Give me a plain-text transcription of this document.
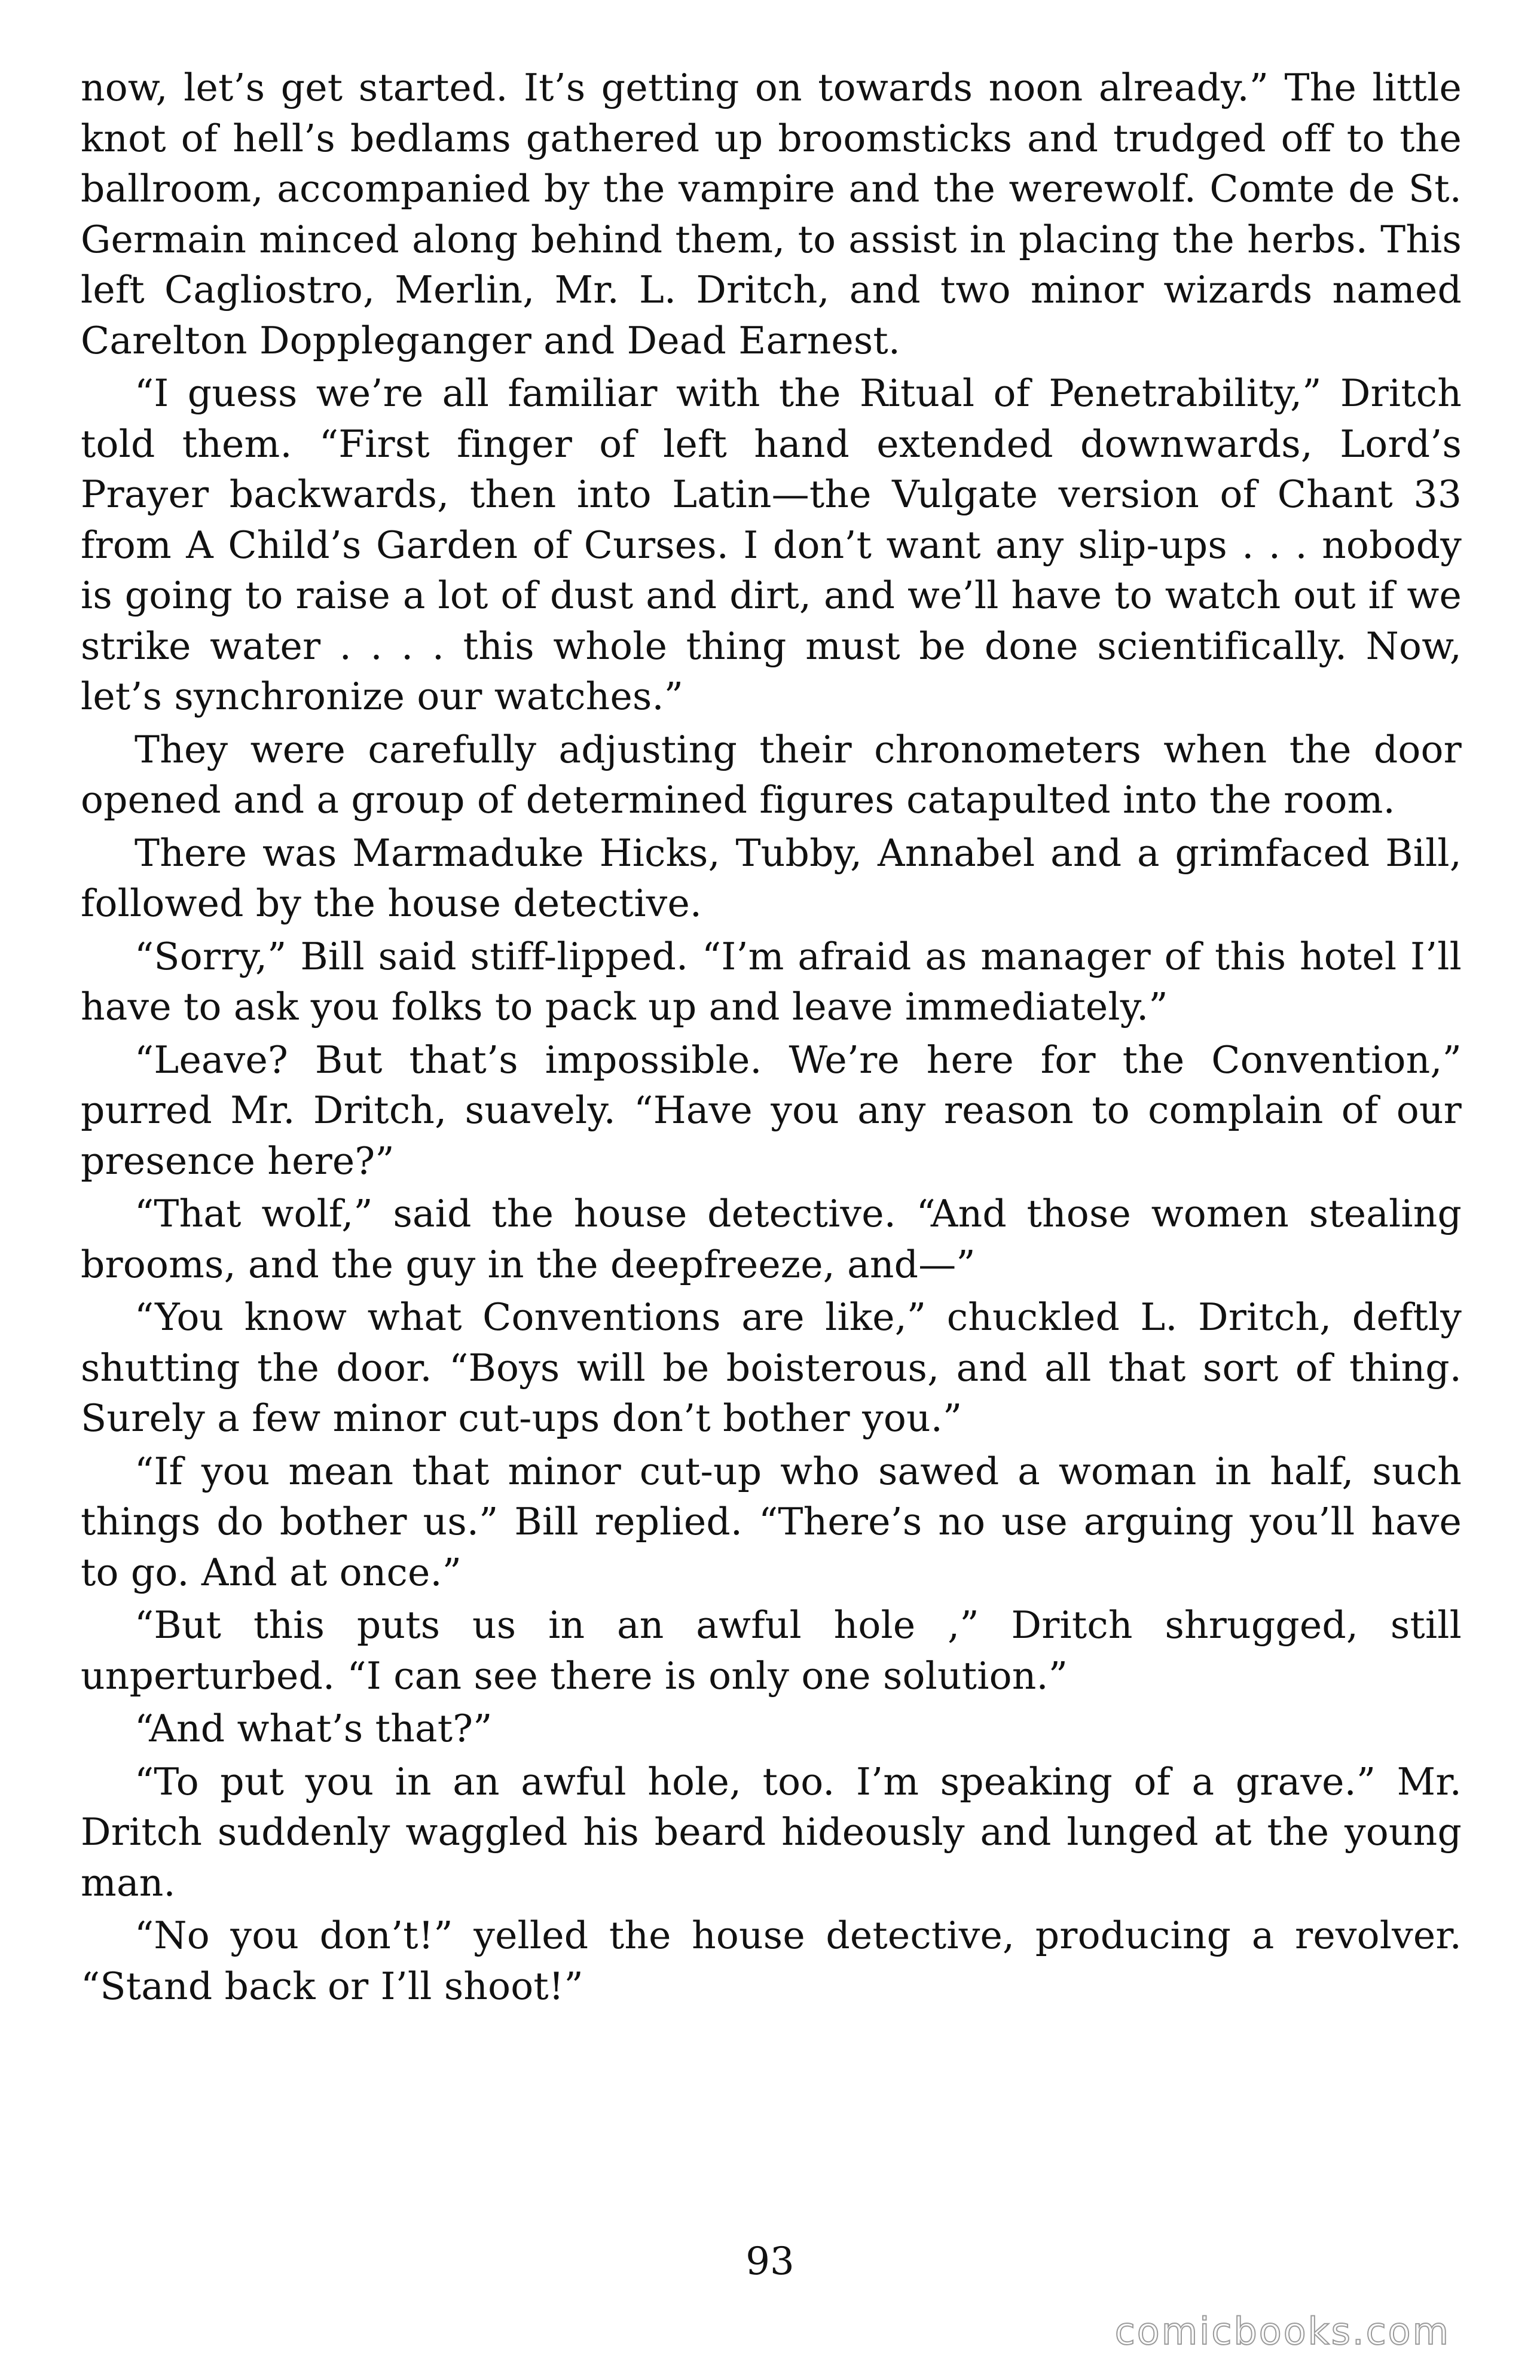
now, let’s get started. It’s getting on towards noon already.” The little knot of hell’s bedlams gathered up broomsticks and trudged off to the ballroom, accompanied by the vampire and the werewolf. Comte de St. Germain minced along behind them, to assist in placing the herbs. This left Cagliostro, Merlin, Mr. L. Dritch, and two minor wizards named Carelton Doppleganger and Dead Earnest.

“I guess we’re all familiar with the Ritual of Penetrability,” Dritch told them. “First finger of left hand extended downwards, Lord’s Prayer backwards, then into Latin—the Vulgate version of Chant 33 from A Child’s Garden of Curses. I don’t want any slip-ups . . . nobody is going to raise a lot of dust and dirt, and we’ll have to watch out if we strike water . . . . this whole thing must be done scientifically. Now, let’s synchronize our watches.”

They were carefully adjusting their chronometers when the door opened and a group of determined figures catapulted into the room.

There was Marmaduke Hicks, Tubby, Annabel and a grimfaced Bill, followed by the house detective.

“Sorry,” Bill said stiff-lipped. “I’m afraid as manager of this hotel I’ll have to ask you folks to pack up and leave immediately.”

“Leave? But that’s impossible. We’re here for the Convention,” purred Mr. Dritch, suavely. “Have you any reason to complain of our presence here?”

“That wolf,” said the house detective. “And those women stealing brooms, and the guy in the deepfreeze, and—”

“You know what Conventions are like,” chuckled L. Dritch, deftly shutting the door. “Boys will be boisterous, and all that sort of thing. Surely a few minor cut-ups don’t bother you.”

“If you mean that minor cut-up who sawed a woman in half, such things do bother us.” Bill replied. “There’s no use arguing you’ll have to go. And at once.”

“But this puts us in an awful hole ,” Dritch shrugged, still unperturbed. “I can see there is only one solution.”

“And what’s that?”

“To put you in an awful hole, too. I’m speaking of a grave.” Mr. Dritch suddenly waggled his beard hideously and lunged at the young man.

“No you don’t!” yelled the house detective, producing a revolver. “Stand back or I’ll shoot!”

93
comicbooks.com
